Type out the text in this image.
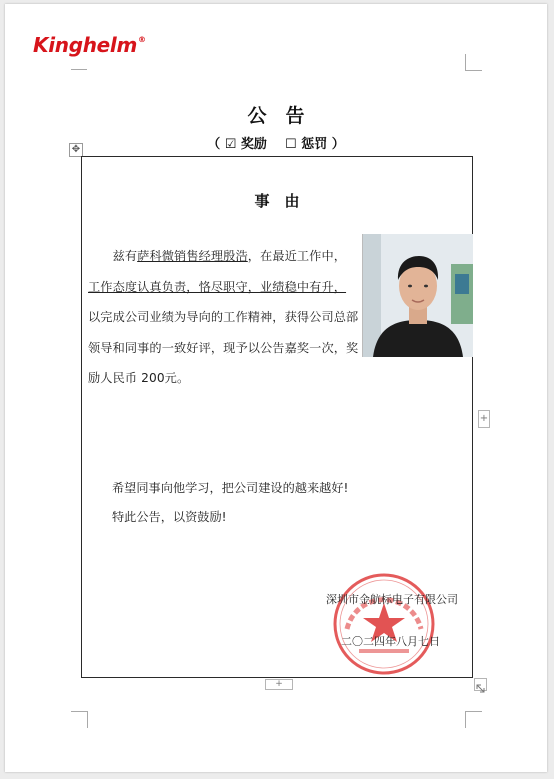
Kinghelm®
公　告
（ ☑ 奖励 ☐ 惩罚 ）
✥
事　由
　　兹有萨科微销售经理殷浩，在最近工作中，
工作态度认真负责，恪尽职守，业绩稳中有升，
以完成公司业绩为导向的工作精神，获得公司总部领导和同事的一致好评，现予以公告嘉奖一次，奖励人民币 200元。
希望同事向他学习，把公司建设的越来越好!
特此公告，以资鼓励!
深圳市金航标电子有限公司
二〇二四年八月七日
+
+
